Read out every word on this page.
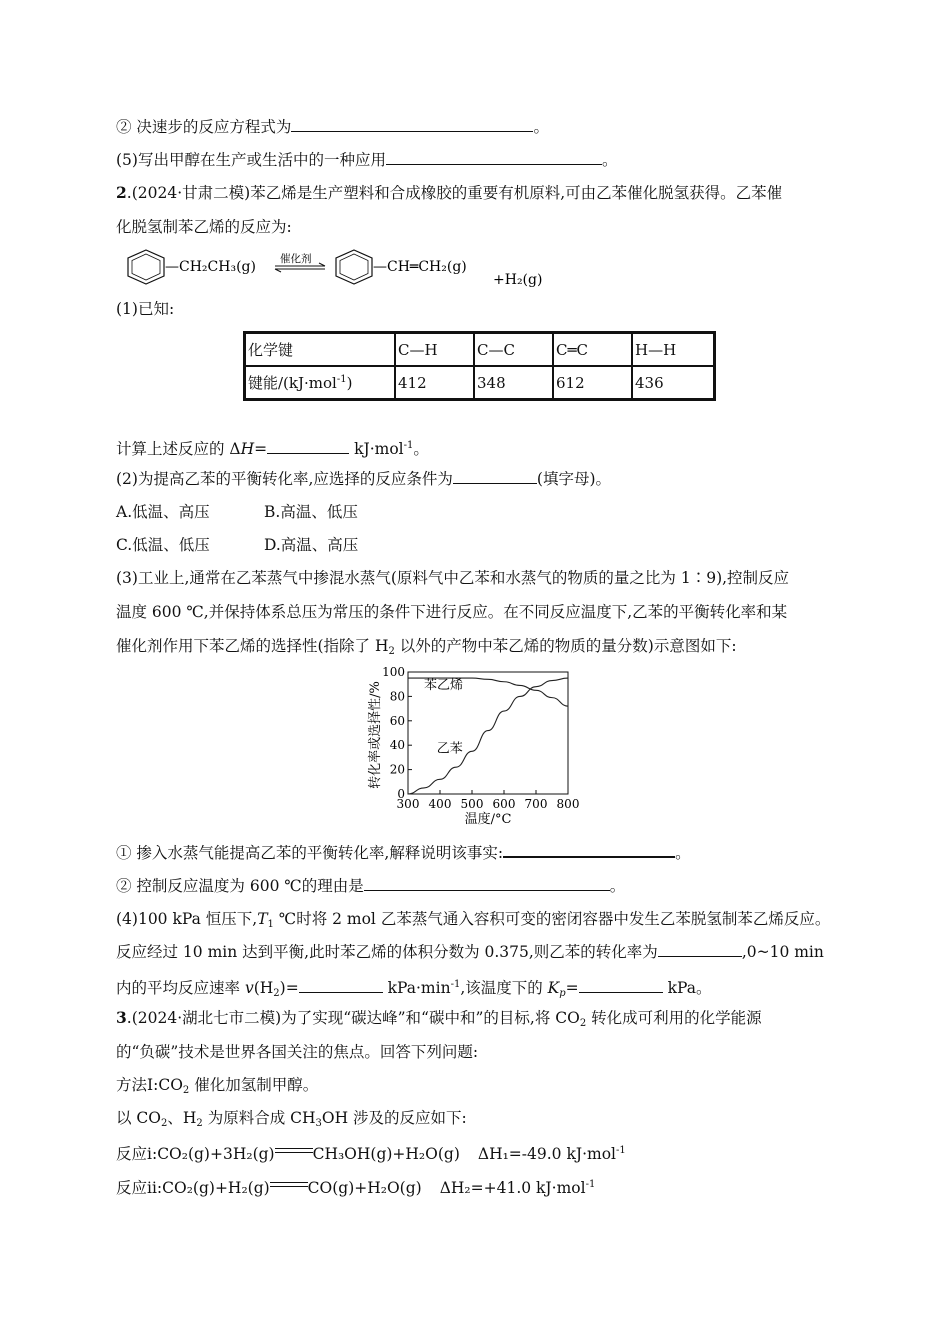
② 决速步的反应方程式为	。
(5)写出甲醇在生产或生活中的一种应用	。
2.(2024·甘肃二模)苯乙烯是生产塑料和合成橡胶的重要有机原料,可由乙苯催化脱氢获得。乙苯催
化脱氢制苯乙烯的反应为:
—CH₂CH₃(g) 催化剂	—CH═CH₂(g)
+H₂(g)
(1)已知:
化学键	C—H	C—C	C═C	H—H
键能/(kJ·mol$^{-1}$)	412	348	612	436
计算上述反应的 ΔH=	kJ·mol$^{-1}$。
(2)为提高乙苯的平衡转化率,应选择的反应条件为	(填字母)。
A.低温、高压	B.高温、低压
C.低温、低压	D.高温、高压
(3)工业上,通常在乙苯蒸气中掺混水蒸气(原料气中乙苯和水蒸气的物质的量之比为 1∶9),控制反应
温度 600 ℃,并保持体系总压为常压的条件下进行反应。在不同反应温度下,乙苯的平衡转化率和某
催化剂作用下苯乙烯的选择性(指除了 $H_2$ 以外的产物中苯乙烯的物质的量分数)示意图如下:
300 400 500 600 700 800
0
20
40
60
80
100
苯乙烯
乙苯
温度/°C
转化率或选择性/%
① 掺入水蒸气能提高乙苯的平衡转化率,解释说明该事实:	。
② 控制反应温度为 600 ℃的理由是	。
(4)100 kPa 恒压下$,T_1$ ℃时将 2 mol 乙苯蒸气通入容积可变的密闭容器中发生乙苯脱氢制苯乙烯反应。
反应经过 10 min 达到平衡,此时苯乙烯的体积分数为 0.375,则乙苯的转化率为	,0~10 min
内的平均反应速率 $v(H_2)=$	$kPa\cdot\min^{-1}$,该温度下的 $K_p=$	kPa。
3.(2024·湖北七市二模)为了实现“碳达峰”和“碳中和”的目标,将 $CO_2$ 转化成可利用的化学能源
的“负碳”技术是世界各国关注的焦点。回答下列问题:
方法$Ⅰ:CO_2$ 催化加氢制甲醇。
以 $CO_2$、$H_2$ 为原料合成 $CH_3OH$ 涉及的反应如下:
反应ⅰ:CO₂(g)+3H₂(g) CH₃OH(g)+H₂O(g) ΔH₁=-49.0 kJ·mol$^{-1}$
反应ⅱ:CO₂(g)+H₂(g) CO(g)+H₂O(g) ΔH₂=+41.0 kJ·mol$^{-1}$
